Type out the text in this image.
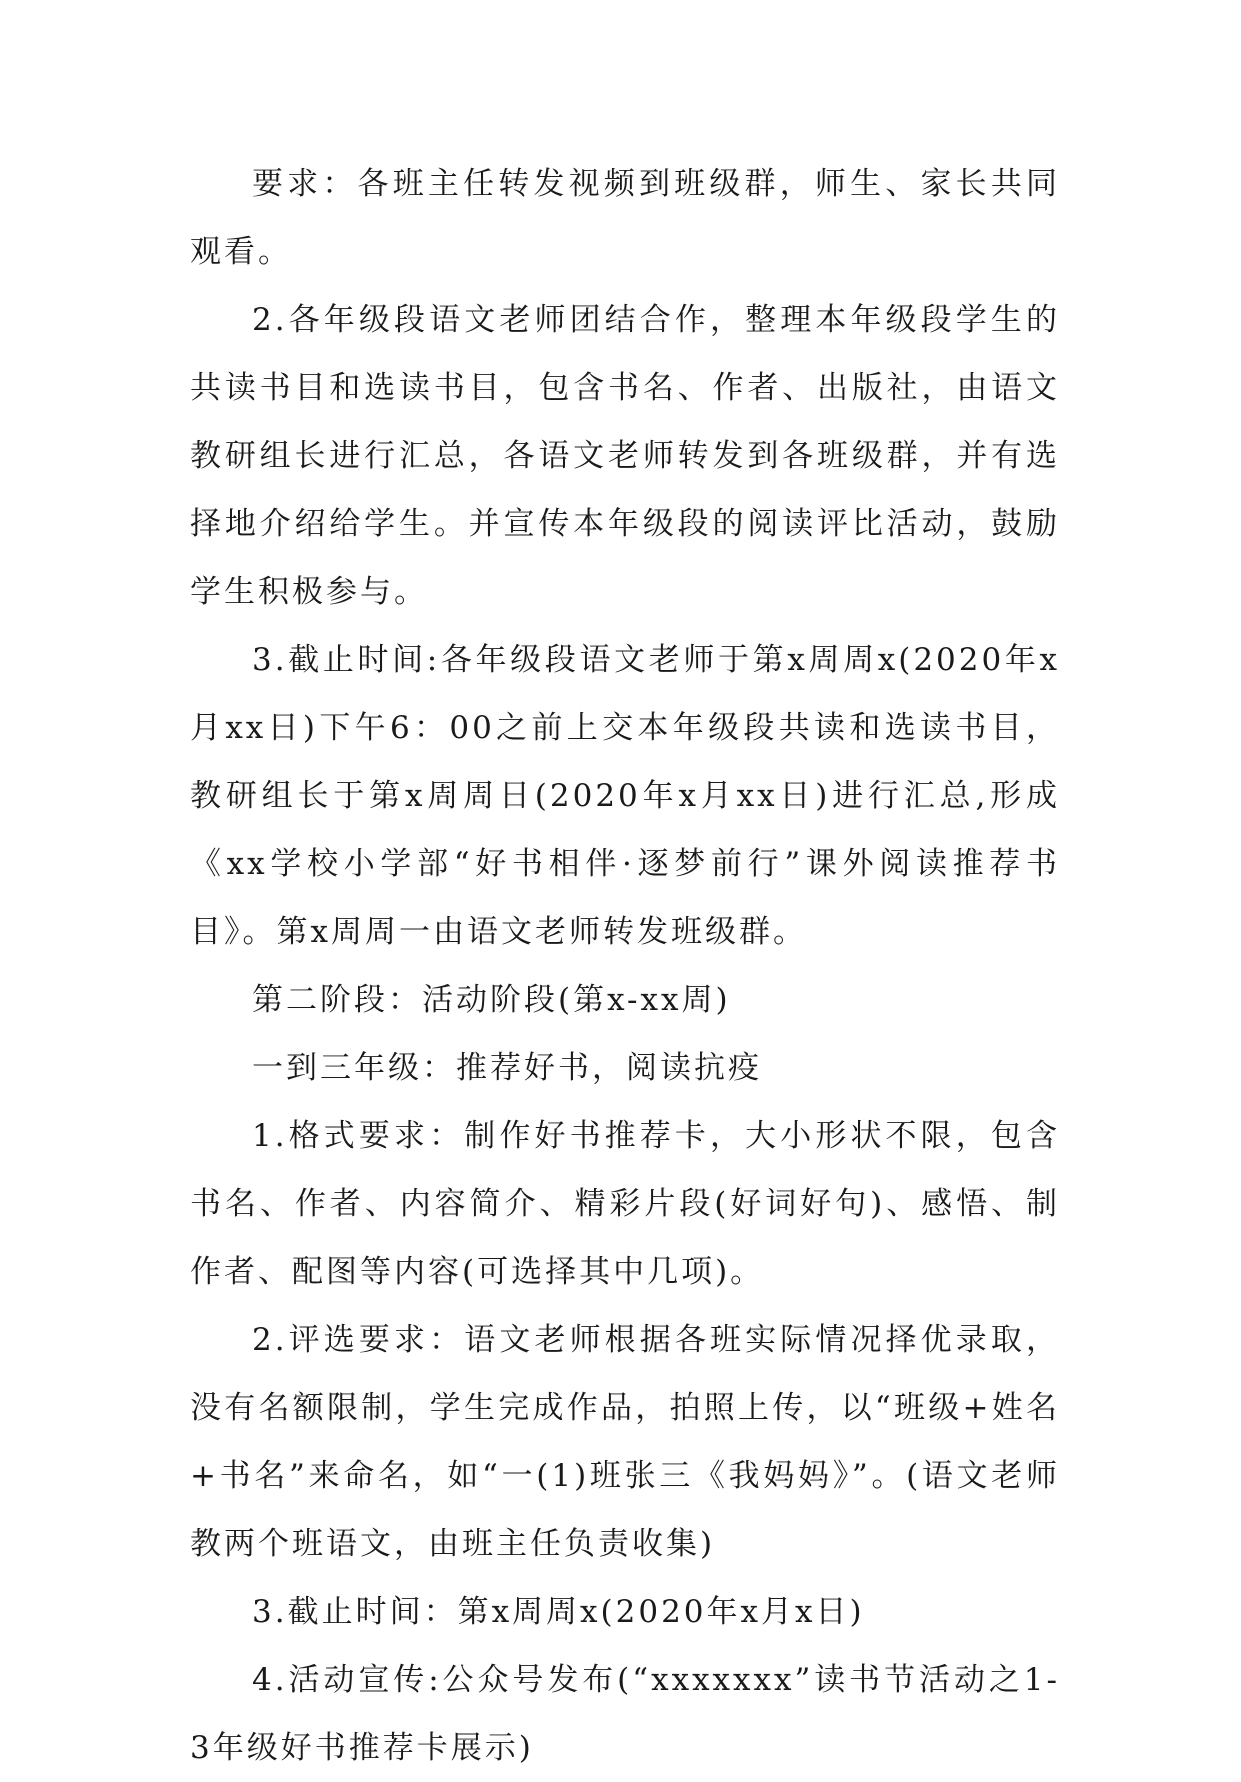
要求：各班主任转发视频到班级群，师生、家长共同观看。

2.各年级段语文老师团结合作，整理本年级段学生的共读书目和选读书目，包含书名、作者、出版社，由语文教研组长进行汇总，各语文老师转发到各班级群，并有选择地介绍给学生。并宣传本年级段的阅读评比活动，鼓励学生积极参与。

3.截止时间:各年级段语文老师于第x周周x(2020年x月xx日)下午6：00之前上交本年级段共读和选读书目，教研组长于第x周周日(2020年x月xx日)进行汇总,形成《xx学校小学部“好书相伴·逐梦前行”课外阅读推荐书目》。第x周周一由语文老师转发班级群。

第二阶段：活动阶段(第x-xx周)

一到三年级：推荐好书，阅读抗疫

1.格式要求：制作好书推荐卡，大小形状不限，包含书名、作者、内容简介、精彩片段(好词好句)、感悟、制作者、配图等内容(可选择其中几项)。

2.评选要求：语文老师根据各班实际情况择优录取，没有名额限制，学生完成作品，拍照上传，以“班级+姓名+书名”来命名，如“一(1)班张三《我妈妈》”。(语文老师教两个班语文，由班主任负责收集)

3.截止时间：第x周周x(2020年x月x日)

4.活动宣传:公众号发布(“xxxxxxx”读书节活动之1-3年级好书推荐卡展示)
